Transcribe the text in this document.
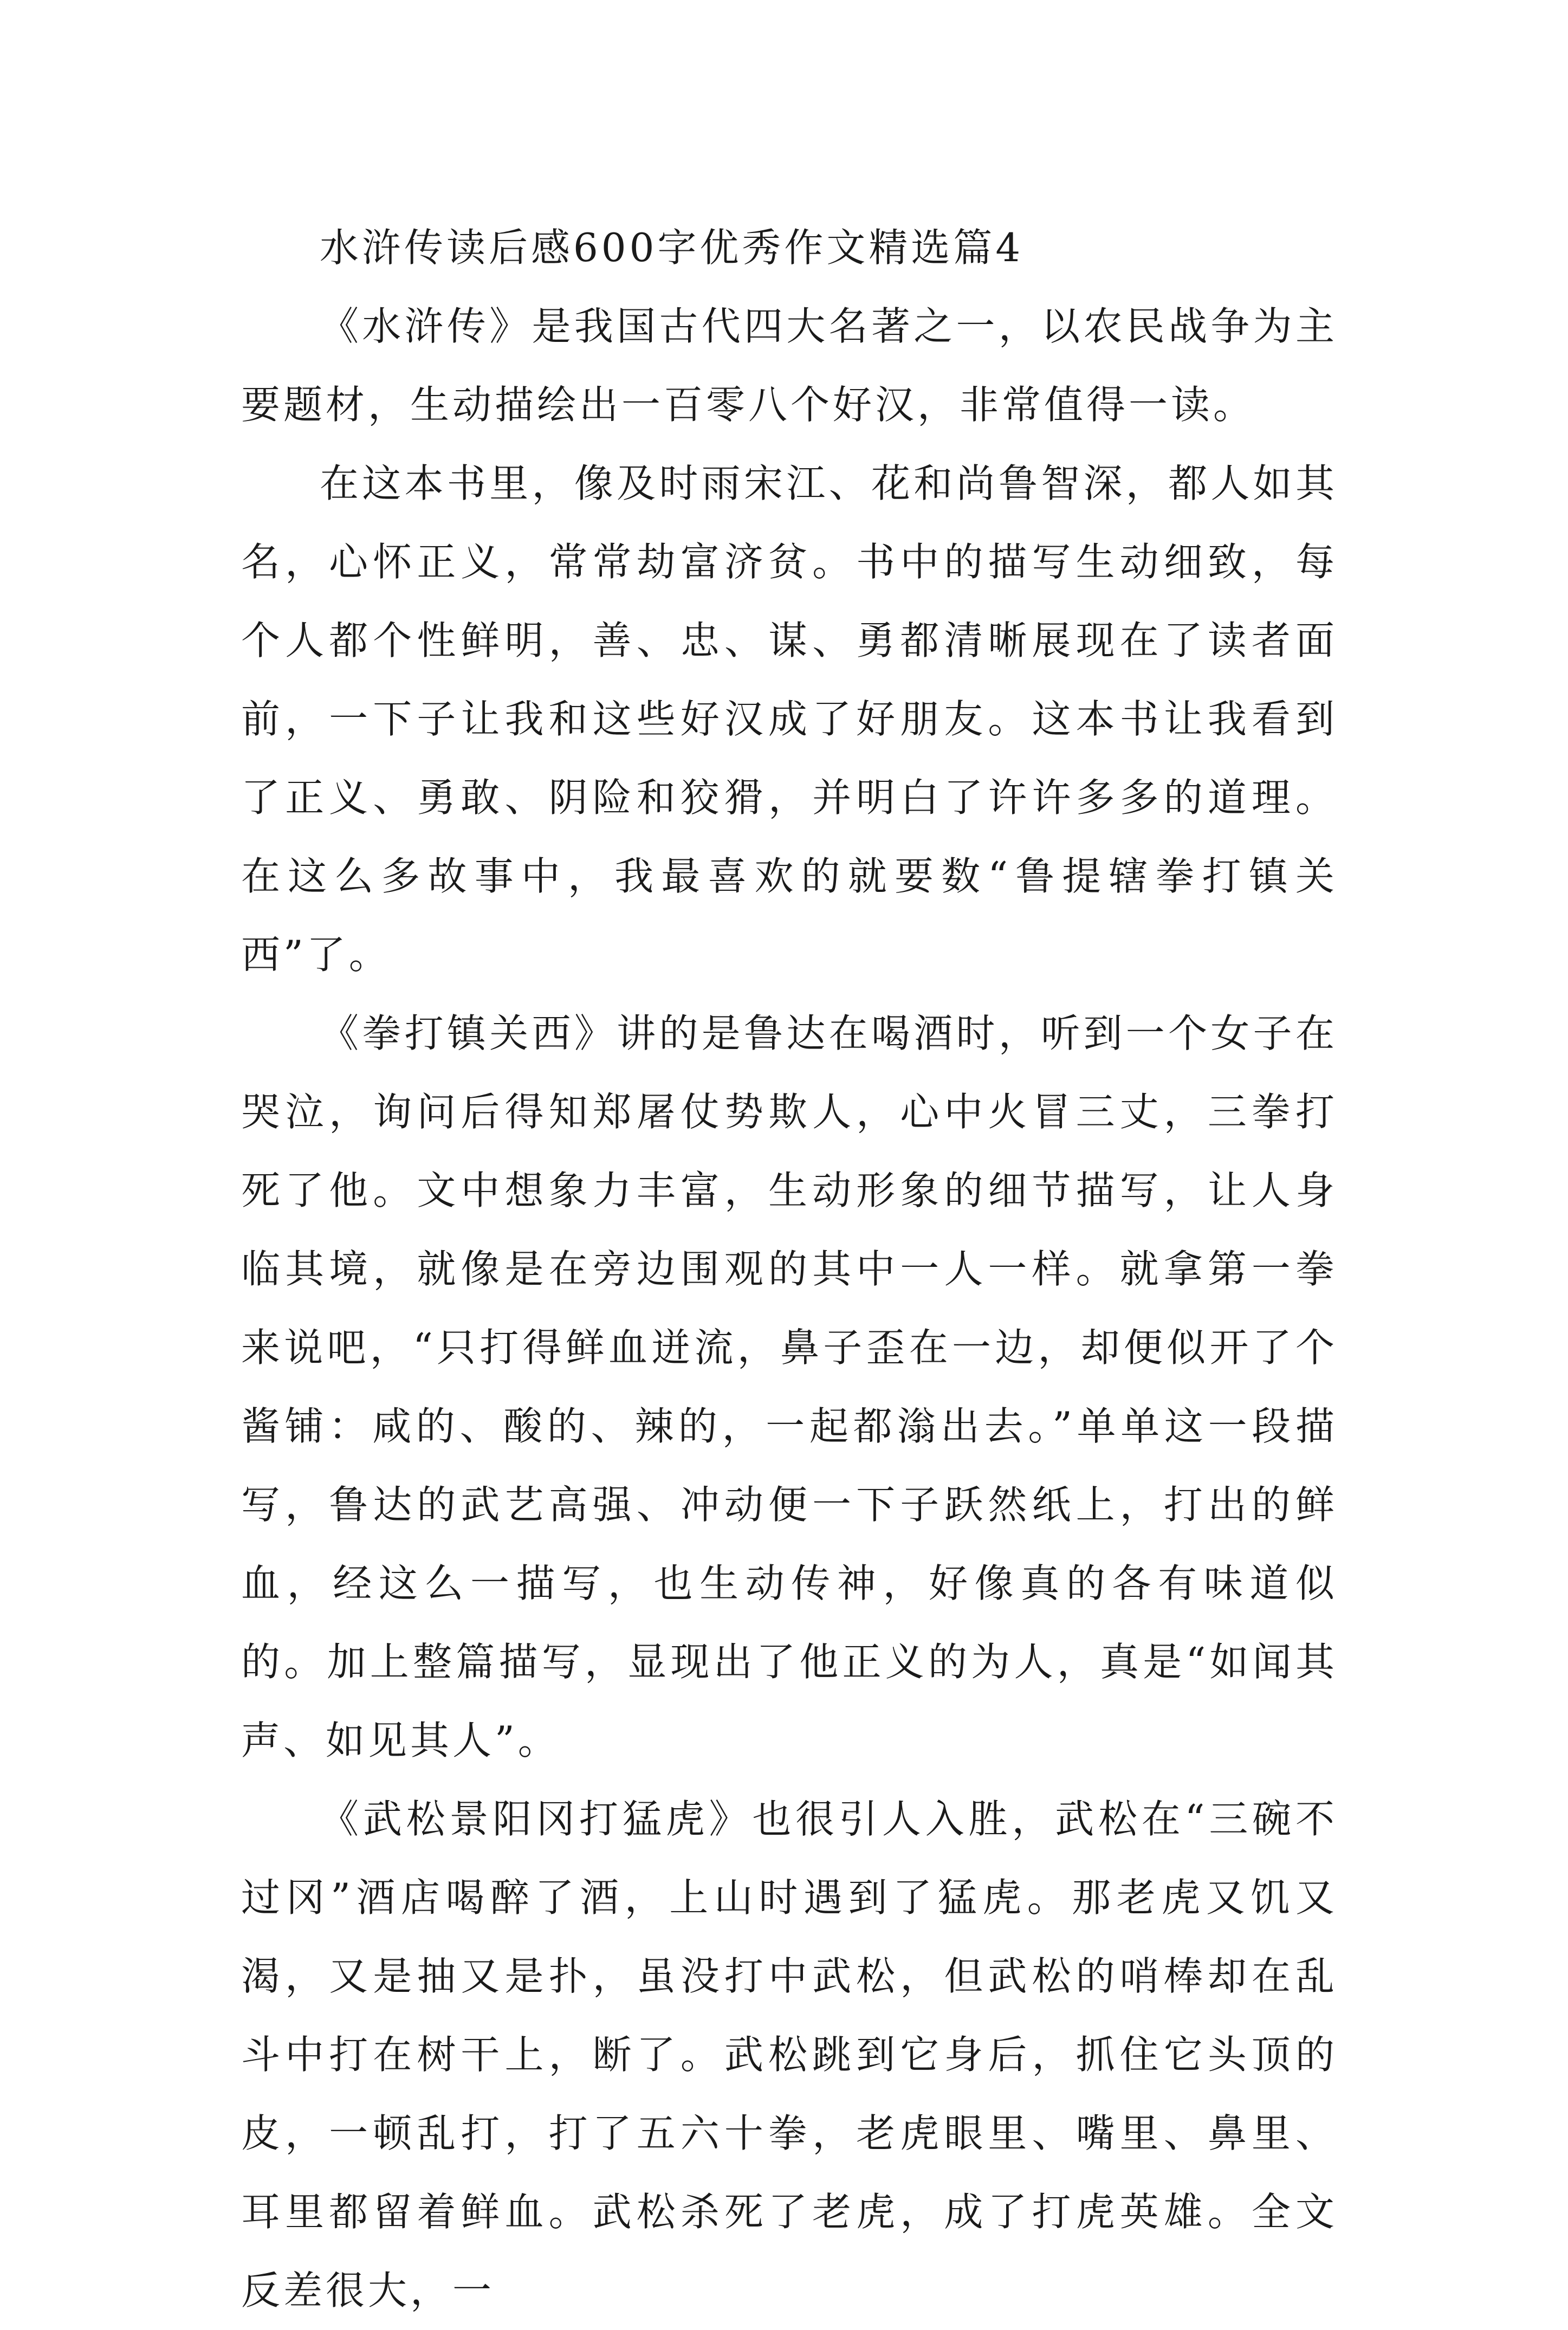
水浒传读后感600字优秀作文精选篇4

《水浒传》是我国古代四大名著之一，以农民战争为主要题材，生动描绘出一百零八个好汉，非常值得一读。

在这本书里，像及时雨宋江、花和尚鲁智深，都人如其名，心怀正义，常常劫富济贫。书中的描写生动细致，每个人都个性鲜明，善、忠、谋、勇都清晰展现在了读者面前，一下子让我和这些好汉成了好朋友。这本书让我看到了正义、勇敢、阴险和狡猾，并明白了许许多多的道理。在这么多故事中，我最喜欢的就要数“鲁提辖拳打镇关西”了。

《拳打镇关西》讲的是鲁达在喝酒时，听到一个女子在哭泣，询问后得知郑屠仗势欺人，心中火冒三丈，三拳打死了他。文中想象力丰富，生动形象的细节描写，让人身临其境，就像是在旁边围观的其中一人一样。就拿第一拳来说吧，“只打得鲜血迸流，鼻子歪在一边，却便似开了个酱铺：咸的、酸的、辣的，一起都滃出去。”单单这一段描写，鲁达的武艺高强、冲动便一下子跃然纸上，打出的鲜血，经这么一描写，也生动传神，好像真的各有味道似的。加上整篇描写，显现出了他正义的为人，真是“如闻其声、如见其人”。

《武松景阳冈打猛虎》也很引人入胜，武松在“三碗不过冈”酒店喝醉了酒，上山时遇到了猛虎。那老虎又饥又渴，又是抽又是扑，虽没打中武松，但武松的哨棒却在乱斗中打在树干上，断了。武松跳到它身后，抓住它头顶的皮，一顿乱打，打了五六十拳，老虎眼里、嘴里、鼻里、耳里都留着鲜血。武松杀死了老虎，成了打虎英雄。全文反差很大，一
